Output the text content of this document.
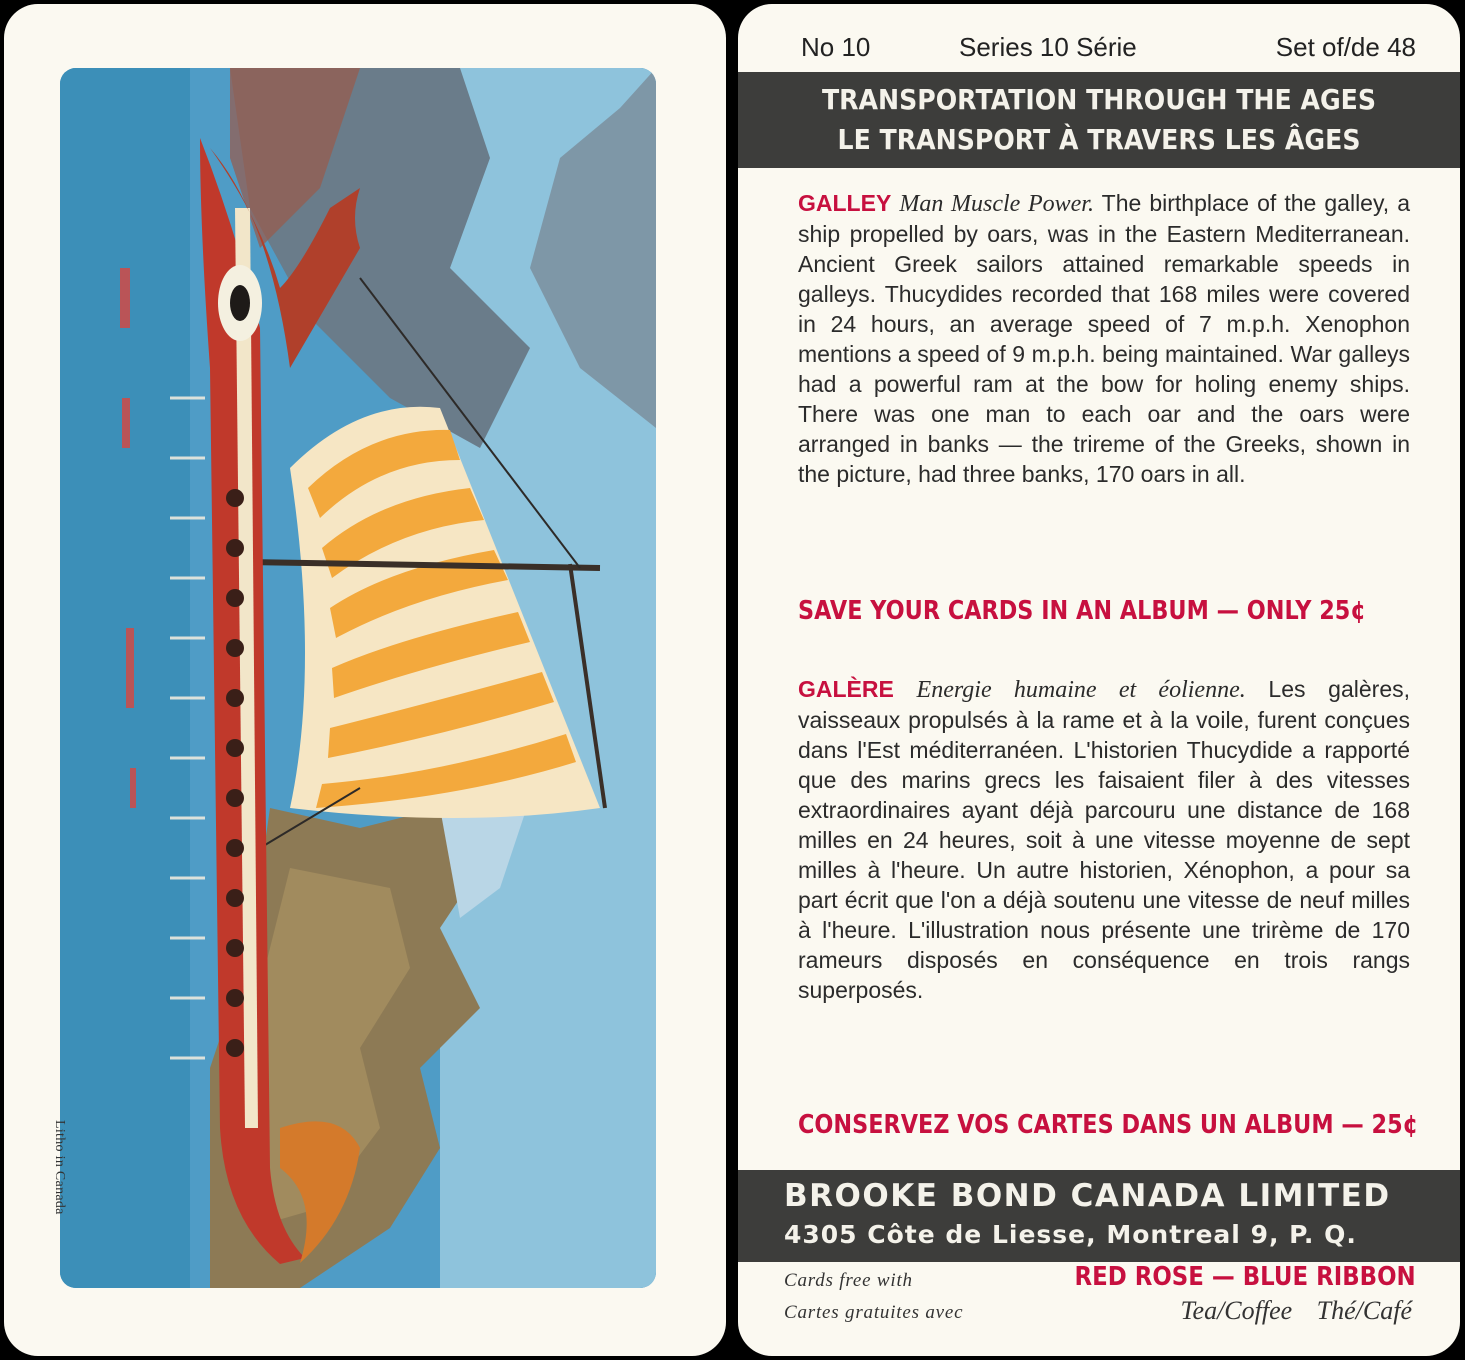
Litho in Canada
No 10	Series 10 Série	Set of/de 48
TRANSPORTATION THROUGH THE AGES
LE TRANSPORT À TRAVERS LES ÂGES

GALLEY Man Muscle Power. The birthplace of the galley, a ship propelled by oars, was in the Eastern Mediterranean. Ancient Greek sailors attained remarkable speeds in galleys. Thucydides recorded that 168 miles were covered in 24 hours, an average speed of 7 m.p.h. Xenophon mentions a speed of 9 m.p.h. being maintained. War galleys had a powerful ram at the bow for holing enemy ships. There was one man to each oar and the oars were arranged in banks — the trireme of the Greeks, shown in the picture, had three banks, 170 oars in all.

SAVE YOUR CARDS IN AN ALBUM — ONLY 25¢

GALÈRE Energie humaine et éolienne. Les galères, vaisseaux propulsés à la rame et à la voile, furent conçues dans l'Est méditerranéen. L'historien Thucydide a rapporté que des marins grecs les faisaient filer à des vitesses extraordinaires ayant déjà parcouru une distance de 168 milles en 24 heures, soit à une vitesse moyenne de sept milles à l'heure. Un autre historien, Xénophon, a pour sa part écrit que l'on a déjà soutenu une vitesse de neuf milles à l'heure. L'illustration nous présente une trirème de 170 rameurs disposés en conséquence en trois rangs superposés.

CONSERVEZ VOS CARTES DANS UN ALBUM — 25¢
BROOKE BOND CANADA LIMITED
4305 Côte de Liesse, Montreal 9, P. Q.
Cards free with
Cartes gratuites avec
RED ROSE — BLUE RIBBON
Tea/Coffee Thé/Café
